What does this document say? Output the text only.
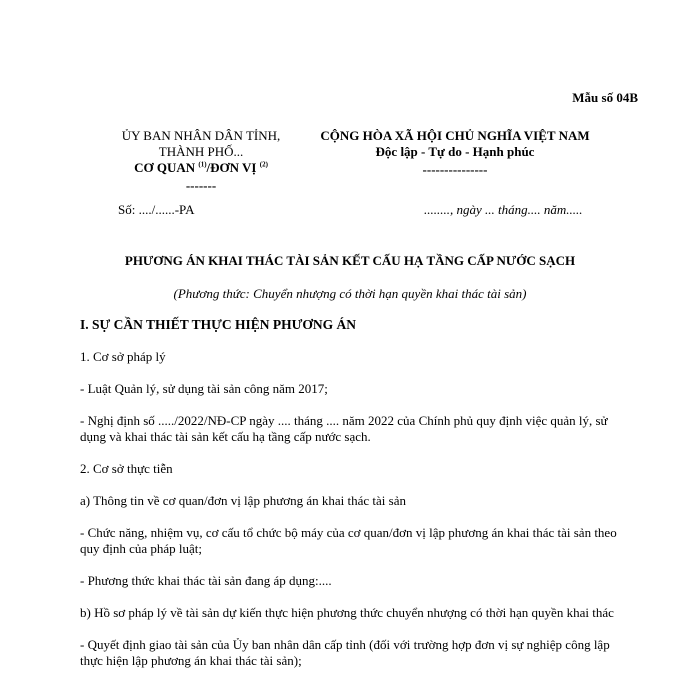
Mẫu số 04B
ỦY BAN NHÂN DÂN TỈNH,
THÀNH PHỐ...
CƠ QUAN $^{(1)}$/ĐƠN VỊ $^{(2)}$
-------
CỘNG HÒA XÃ HỘI CHỦ NGHĨA VIỆT NAM
Độc lập - Tự do - Hạnh phúc
---------------
Số: ..../......-PA	........, ngày ... tháng.... năm.....
PHƯƠNG ÁN KHAI THÁC TÀI SẢN KẾT CẤU HẠ TẦNG CẤP NƯỚC SẠCH
(Phương thức: Chuyển nhượng có thời hạn quyền khai thác tài sản)
I. SỰ CẦN THIẾT THỰC HIỆN PHƯƠNG ÁN
1. Cơ sở pháp lý
- Luật Quản lý, sử dụng tài sản công năm 2017;
- Nghị định số ...../2022/NĐ-CP ngày .... tháng .... năm 2022 của Chính phủ quy định việc quản lý, sử dụng và khai thác tài sản kết cấu hạ tầng cấp nước sạch.
2. Cơ sở thực tiễn
a) Thông tin về cơ quan/đơn vị lập phương án khai thác tài sản
- Chức năng, nhiệm vụ, cơ cấu tổ chức bộ máy của cơ quan/đơn vị lập phương án khai thác tài sản theo quy định của pháp luật;
- Phương thức khai thác tài sản đang áp dụng:....
b) Hồ sơ pháp lý về tài sản dự kiến thực hiện phương thức chuyển nhượng có thời hạn quyền khai thác
- Quyết định giao tài sản của Ủy ban nhân dân cấp tỉnh (đối với trường hợp đơn vị sự nghiệp công lập thực hiện lập phương án khai thác tài sản);
